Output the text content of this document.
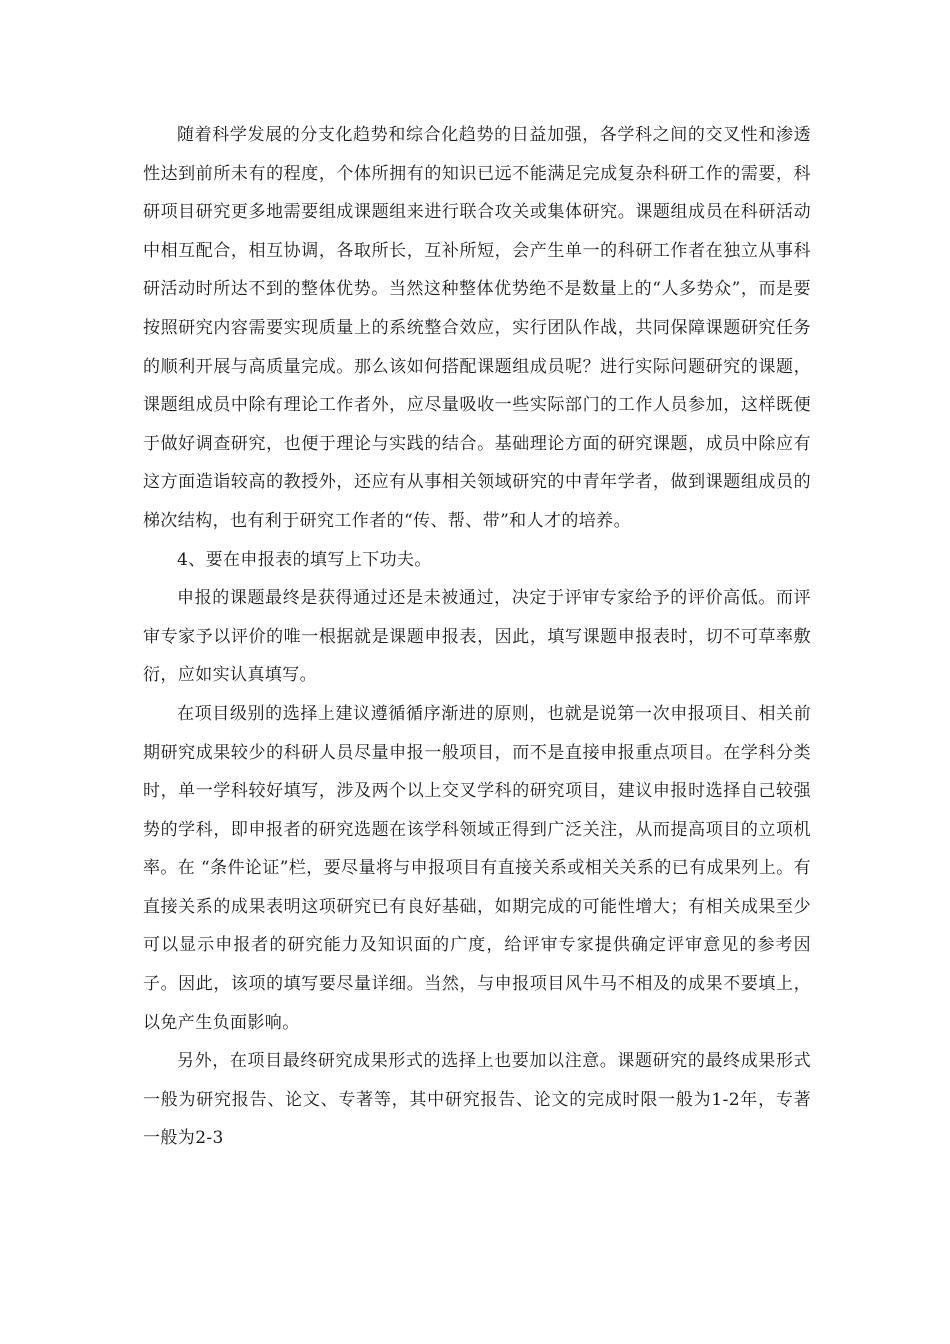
随着科学发展的分支化趋势和综合化趋势的日益加强，各学科之间的交叉性和渗透性达到前所未有的程度，个体所拥有的知识已远不能满足完成复杂科研工作的需要，科研项目研究更多地需要组成课题组来进行联合攻关或集体研究。课题组成员在科研活动中相互配合，相互协调，各取所长，互补所短，会产生单一的科研工作者在独立从事科研活动时所达不到的整体优势。当然这种整体优势绝不是数量上的“人多势众”，而是要按照研究内容需要实现质量上的系统整合效应，实行团队作战，共同保障课题研究任务的顺利开展与高质量完成。那么该如何搭配课题组成员呢？进行实际问题研究的课题，课题组成员中除有理论工作者外，应尽量吸收一些实际部门的工作人员参加，这样既便于做好调查研究，也便于理论与实践的结合。基础理论方面的研究课题，成员中除应有这方面造诣较高的教授外，还应有从事相关领域研究的中青年学者，做到课题组成员的梯次结构，也有利于研究工作者的“传、帮、带”和人才的培养。

4、要在申报表的填写上下功夫。

申报的课题最终是获得通过还是未被通过，决定于评审专家给予的评价高低。而评审专家予以评价的唯一根据就是课题申报表，因此，填写课题申报表时，切不可草率敷衍，应如实认真填写。

在项目级别的选择上建议遵循循序渐进的原则，也就是说第一次申报项目、相关前期研究成果较少的科研人员尽量申报一般项目，而不是直接申报重点项目。在学科分类时，单一学科较好填写，涉及两个以上交叉学科的研究项目，建议申报时选择自己较强势的学科，即申报者的研究选题在该学科领域正得到广泛关注，从而提高项目的立项机率。在 “条件论证”栏，要尽量将与申报项目有直接关系或相关关系的已有成果列上。有直接关系的成果表明这项研究已有良好基础，如期完成的可能性增大；有相关成果至少可以显示申报者的研究能力及知识面的广度，给评审专家提供确定评审意见的参考因子。因此，该项的填写要尽量详细。当然，与申报项目风牛马不相及的成果不要填上，以免产生负面影响。

另外，在项目最终研究成果形式的选择上也要加以注意。课题研究的最终成果形式一般为研究报告、论文、专著等，其中研究报告、论文的完成时限一般为1-2年，专著一般为2-3
